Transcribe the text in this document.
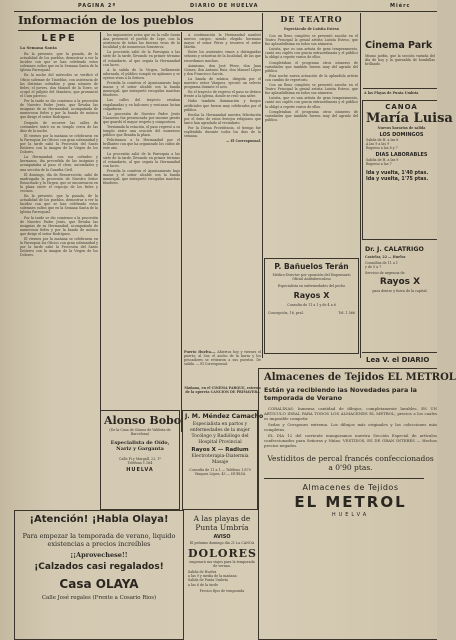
PAGINA 2ª	DIARIO DE HUELVA	Miérc
Información de los pueblos
LEPE
La Semana Santa

En la presente, que la pasada, de la actualidad de los pueblos, demostrar a ver la lucidez con que se han celebrado estos solemnes cultos que en la Semana Santa de la Iglesia Parroquial.

En la noche del miércoles se verificó el Oficio solemne de Tinieblas, con asistencia de las distintas cofradías y gran número de fieles; el jueves, don Manuel de la Torre, se ocupó el púlpito del Mandato, que pronunció el Cura párroco.

Por la tarde se dio comienzo a la procesión de Nuestro Padre Jesús, que llevaba las insignias de su Hermandad, acompañada de numerosos fieles y por la banda de música que dirige el señor Rodríguez.

Después de recorrer las calles de costumbre entró en su templo cerca de las diez de la noche.

El viernes por la mañana se celebraron en la Parroquia los Oficios con gran solemnidad y por la tarde salió la Procesión del Santo Entierro con la imagen de la Virgen de los Dolores.

La Hermandad, con sus cofrades y hermanos, iba precedida de las insignias y acompañaba al paso el clero, autoridades y una sección de la Guardia Civil.

El domingo, día de Resurrección, salió de madrugada la procesión de Nuestro Señor Resucitado y la Virgen, que se encontraron en la plaza entre el regocijo de los fieles y vecinos.

En la presente, que la pasada, de la actualidad de los pueblos, demostrar a ver la lucidez con que se han celebrado estos solemnes cultos que en la Semana Santa de la Iglesia Parroquial.

Por la tarde se dio comienzo a la procesión de Nuestro Padre Jesús, que llevaba las insignias de su Hermandad, acompañada de numerosos fieles y por la banda de música que dirige el señor Rodríguez.

El viernes por la mañana se celebraron en la Parroquia los Oficios con gran solemnidad y por la tarde salió la Procesión del Santo Entierro con la imagen de la Virgen de los Dolores.

los imponentes actos que en la calle Santa Ana presenció el pueblo de Lepe, con la asistencia de todas las fuerzas vivas de la localidad y de numerosos forasteros.

La procesión salió de la Parroquia a las siete de la tarde, llevando en primer término el estandarte, al que seguía la Hermandad con luces.

A la salida de la Virgen, bellamente adornada, el público rompió en aplausos y se oyeron vivas a la Señora.

Presidía la comitiva el Ayuntamiento bajo mazas y el señor alcalde con la banda municipal, que interpretó escogidas marchas fúnebres.

Las calles del trayecto estaban engalanadas y en balcones y ventanas lucían colgaduras.

La procesión de Nuestro Padre Jesús Nazareno fue presenciada por enorme gentío que guardó el mayor respeto y compostura.

Terminada la estación, el paso regresó a su templo entre una ovación del numeroso público que llenaba la plaza.

Felicitamos a la Hermandad por el brillantez con que ha organizado los cultos de este año.

La procesión salió de la Parroquia a las siete de la tarde, llevando en primer término el estandarte, al que seguía la Hermandad con luces.

Presidía la comitiva el Ayuntamiento bajo mazas y el señor alcalde con la banda municipal, que interpretó escogidas marchas fúnebres.

A continuación la Hermandad nombró nuevos cargos, siendo elegido hermano mayor el señor Pérez y tesorero el señor Martín.

Entre los asistentes vimos a distinguidas señoras y señoritas de la localidad, de las que recordamos muchas.

Asimismo, don José Pérez, don Juan Gómez, don Antonio Ruiz, don Manuel López y don Francisco García.

La banda de música, dirigida por el maestro señor Vázquez, ejecutó un selecto programa durante el acto.

En el trayecto de regreso el paso se detuvo frente a la iglesia, donde se rezó una salve.

Hubo también iluminación y fuegos artificiales que fueron muy celebrados por el público.

Reciba la Hermandad nuestra felicitación por el éxito de estos festejos religiosos que tanto han agradado al vecindario.

Por la Divina Providencia, el tiempo fue espléndido durante todos los días de la semana.

— El Corresponsal.

Puerto Huelva.— Abiertos hoy y viernes el puerto; al Sur, el ancho de la barra y los pescadores se retiraron a sus puestos. De salida. — El Corresponsal.
DE TEATRO
Espectáculo de Luisita Esteso

Con un lleno completo se presentó anoche en el Teatro Principal la genial artista Luisita Esteso, que fue aplaudidísima en todos sus números.

Luisita, que es una artista de gran temperamento, cantó sus cuplés con gracia extraordinaria y el público la obligó a repetir varios de ellos.

Completaban el programa otros números de variedades que también fueron muy del agrado del público.

Esta noche nueva actuación de la aplaudida artista con cambio de repertorio.

Con un lleno completo se presentó anoche en el Teatro Principal la genial artista Luisita Esteso, que fue aplaudidísima en todos sus números.

Luisita, que es una artista de gran temperamento, cantó sus cuplés con gracia extraordinaria y el público la obligó a repetir varios de ellos.

Completaban el programa otros números de variedades que también fueron muy del agrado del público.

P. Bañuelos Terán
Médico-Director por oposición del Dispensario Oficial Antituberculoso
Especialista en enfermedades del pecho
Rayos X
Consulta de 11 a 1 y de 4 a 6
Concepción, 16, pral.	Tel. 1.566
Cinema Park
Mismo jardín, que la sección variada del día de hoy y la guirnalda de bombillas brillando
A las Playas de Punta Umbría
CANOA
María Luisa
Nuevos horarios de salida
LOS DOMINGOS
Salida de H. a las 8
A las 9 a las 9
Regreso a las 6 y 7
DIAS LABORABLES
Salida de H. a las 9
Regreso a las 7
Ida y vuelta, 1'40 ptas.
Ida y vuelta, 1'75 ptas.
Dr. J. CALATRIGO
Castelar, 22 — Huelva
Consultas de 11 a 1
y de 5 a 7
Servicio de urgencia de
Rayos X
para dentro y fuera de la capital.
Lea V. el DIARIO
Almacenes de Tejidos EL METROL
Están ya recibiendo las Novedades para la temporada de Verano

CORALINAS: Inmensa cantidad de dibujos, completamente lavables. ES UN ARTICULO IDEAL PARA TODOS LOS ALMACENES EL METROL; precios a los cuales es imposible competir.

Sedas y Crespones extrema. Los dibujos más originales y las colecciones más completas.

EL DIA 12 del corriente inauguramos nuestra Sección Especial de artículos confeccionados para Señoras y Niñas. VESTIDOS, ES DE GRAN INTERÉS — Hechos precios negados.

Vestiditos de percal francés confeccionados a 0'90 ptas.
Almacenes de Tejidos
EL METROL
HUELVA
Mañana, en el CINEMA PARQUE, estreno de la opereta CANCION DE PRIMAVERA
Alonso Bobo
(De la Casa de Gómez de Valdivia de Barcelona)
Especialista de Oído, Nariz y Garganta
Calle Pi y Margall, 23, 1º
Teléfono 1.164
HUELVA
J. M. Méndez Camacho
Especialista en partos y enfermedades de la mujer
Tocólogo y Radiólogo del Hospital Provincial
Rayos X — Radium
Electroterapia-Diatermia Masaje
Consulta de 11 a 1 — Teléfono 1.879
Vázquez López, 45 — HUELVA
¡Atención! ¡Habla Olaya!
Para empezar la temporada de verano, liquido existencias a precios increíbles
¡¡Aprovechese!!
¡Calzados casi regalados!
Casa OLAYA
Calle José regales (Frente a Cosario Rios)
A las playas de Punta Umbría
AVISO
El próximo domingo día 21 La CANOA
DOLORES
empezará sus viajes para la temporada de verano.
Salida de Huelva
a las 9 y media de la mañana
Salida de Punta Umbría
a las 6 de la tarde
Precios fijos de temporada
